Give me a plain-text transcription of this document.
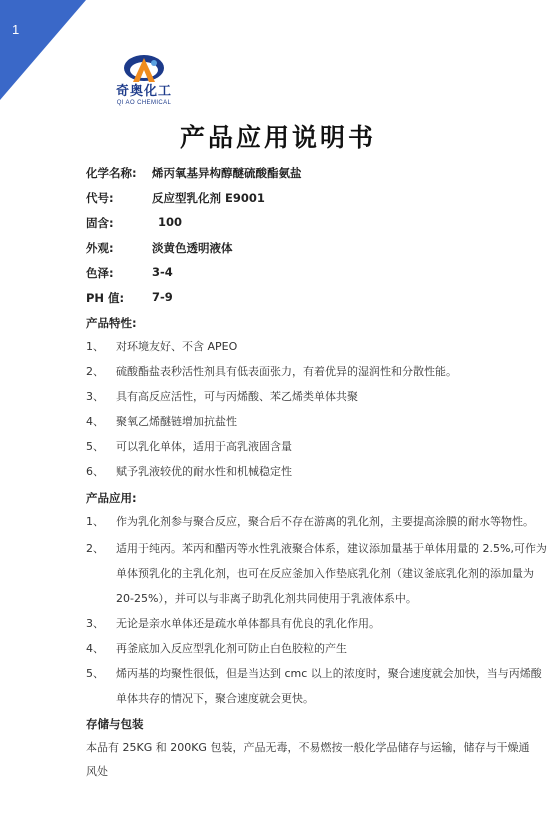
1
奇奥化工
QI AO CHEMICAL
产品应用说明书
化学名称: 烯丙氧基异构醇醚硫酸酯氨盐
代号:	反应型乳化剂 E9001
固含:	100
外观:	淡黄色透明液体
色泽:	3-4
PH 值: 7-9
产品特性:
1、 对环境友好、不含 APEO
2、 硫酸酯盐表秒活性剂具有低表面张力，有着优异的湿润性和分散性能。
3、 具有高反应活性，可与丙烯酸、苯乙烯类单体共聚
4、 聚氧乙烯醚链增加抗盐性
5、 可以乳化单体，适用于高乳液固含量
6、 赋予乳液较优的耐水性和机械稳定性
产品应用:
1、 作为乳化剂参与聚合反应，聚合后不存在游离的乳化剂，主要提高涂膜的耐水等物性。
2、 适用于纯丙。苯丙和醋丙等水性乳液聚合体系，建议添加量基于单体用量的 2.5%,可作为
单体预乳化的主乳化剂，也可在反应釜加入作垫底乳化剂（建议釜底乳化剂的添加量为
20-25%），并可以与非离子助乳化剂共同使用于乳液体系中。
3、 无论是亲水单体还是疏水单体都具有优良的乳化作用。
4、 再釜底加入反应型乳化剂可防止白色胶粒的产生
5、 烯丙基的均聚性很低，但是当达到 cmc 以上的浓度时，聚合速度就会加快，当与丙烯酸
单体共存的情况下，聚合速度就会更快。
存储与包装
本品有 25KG 和 200KG 包装，产品无毒，不易燃按一般化学品储存与运输，储存与干燥通
风处
